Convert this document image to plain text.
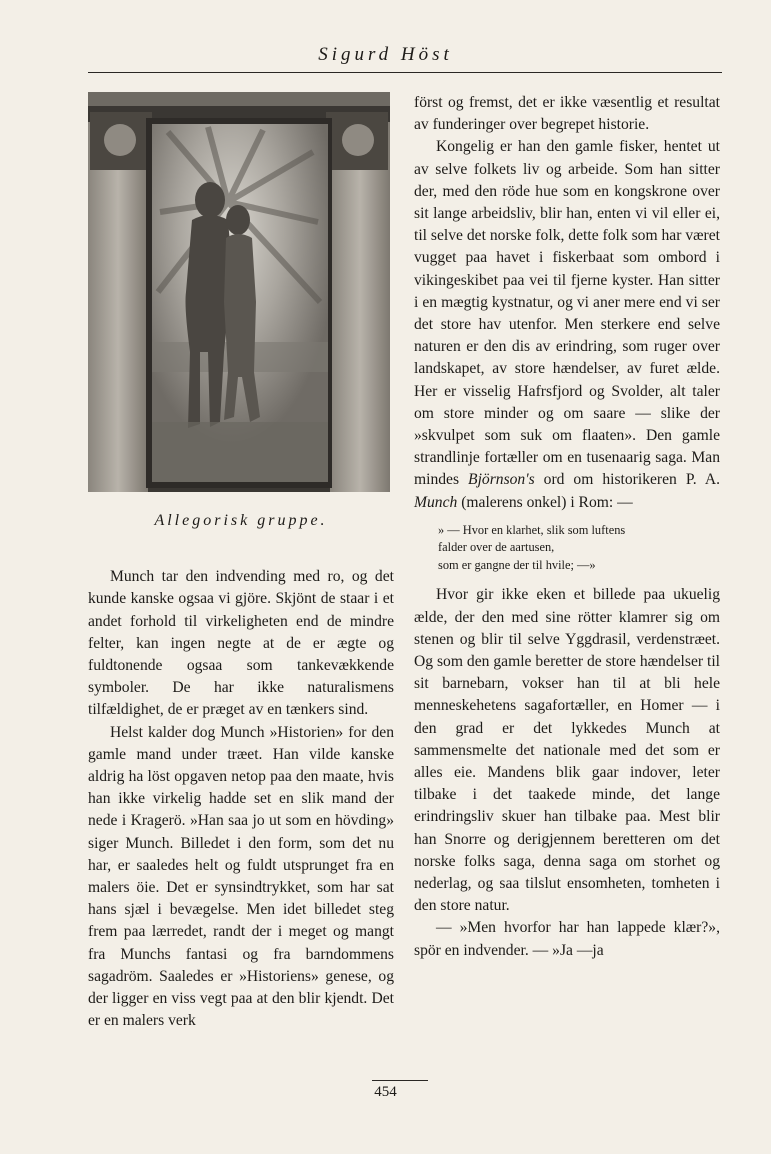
Sigurd Höst
Allegorisk gruppe.

Munch tar den indvending med ro, og det kunde kanske ogsaa vi gjöre. Skjönt de staar i et andet forhold til virkeligheten end de mindre felter, kan ingen negte at de er ægte og fuldtonende ogsaa som tankevækkende symboler. De har ikke naturalismens tilfældighet, de er præget av en tænkers sind.

Helst kalder dog Munch »Historien» for den gamle mand under træet. Han vilde kanske aldrig ha löst opgaven netop paa den maate, hvis han ikke virkelig hadde set en slik mand der nede i Kragerö. »Han saa jo ut som en hövding» siger Munch. Billedet i den form, som det nu har, er saaledes helt og fuldt utsprunget fra en malers öie. Det er synsindtrykket, som har sat hans sjæl i bevægelse. Men idet billedet steg frem paa lærredet, randt der i meget og mangt fra Munchs fantasi og fra barndommens sagadröm. Saaledes er »Historiens» genese, og der ligger en viss vegt paa at den blir kjendt. Det er en malers verk

först og fremst, det er ikke væsentlig et resultat av funderinger over begrepet historie.

Kongelig er han den gamle fisker, hentet ut av selve folkets liv og arbeide. Som han sitter der, med den röde hue som en kongskrone over sit lange arbeidsliv, blir han, enten vi vil eller ei, til selve det norske folk, dette folk som har været vugget paa havet i fiskerbaat som ombord i vikingeskibet paa vei til fjerne kyster. Han sitter i en mægtig kystnatur, og vi aner mere end vi ser det store hav utenfor. Men sterkere end selve naturen er den dis av erindring, som ruger over landskapet, av store hændelser, av furet ælde. Her er visselig Hafrsfjord og Svolder, alt taler om store minder og om saare — slike der »skvulpet som suk om flaaten». Den gamle strandlinje fortæller om en tusenaarig saga. Man mindes Björnson's ord om historikeren P. A. Munch (malerens onkel) i Rom: —

» — Hvor en klarhet, slik som luftens
falder over de aartusen,
som er gangne der til hvile; —»

Hvor gir ikke eken et billede paa ukuelig ælde, der den med sine rötter klamrer sig om stenen og blir til selve Yggdrasil, verdenstræet. Og som den gamle beretter de store hændelser til sit barnebarn, vokser han til at bli hele menneskehetens sagafortæller, en Homer — i den grad er det lykkedes Munch at sammensmelte det nationale med det som er alles eie. Mandens blik gaar indover, leter tilbake i det taakede minde, det lange erindringsliv skuer han tilbake paa. Mest blir han Snorre og derigjennem beretteren om det norske folks saga, denna saga om storhet og nederlag, og saa tilslut ensomheten, tomheten i den store natur.

— »Men hvorfor har han lappede klær?», spör en indvender. — »Ja —ja

454
